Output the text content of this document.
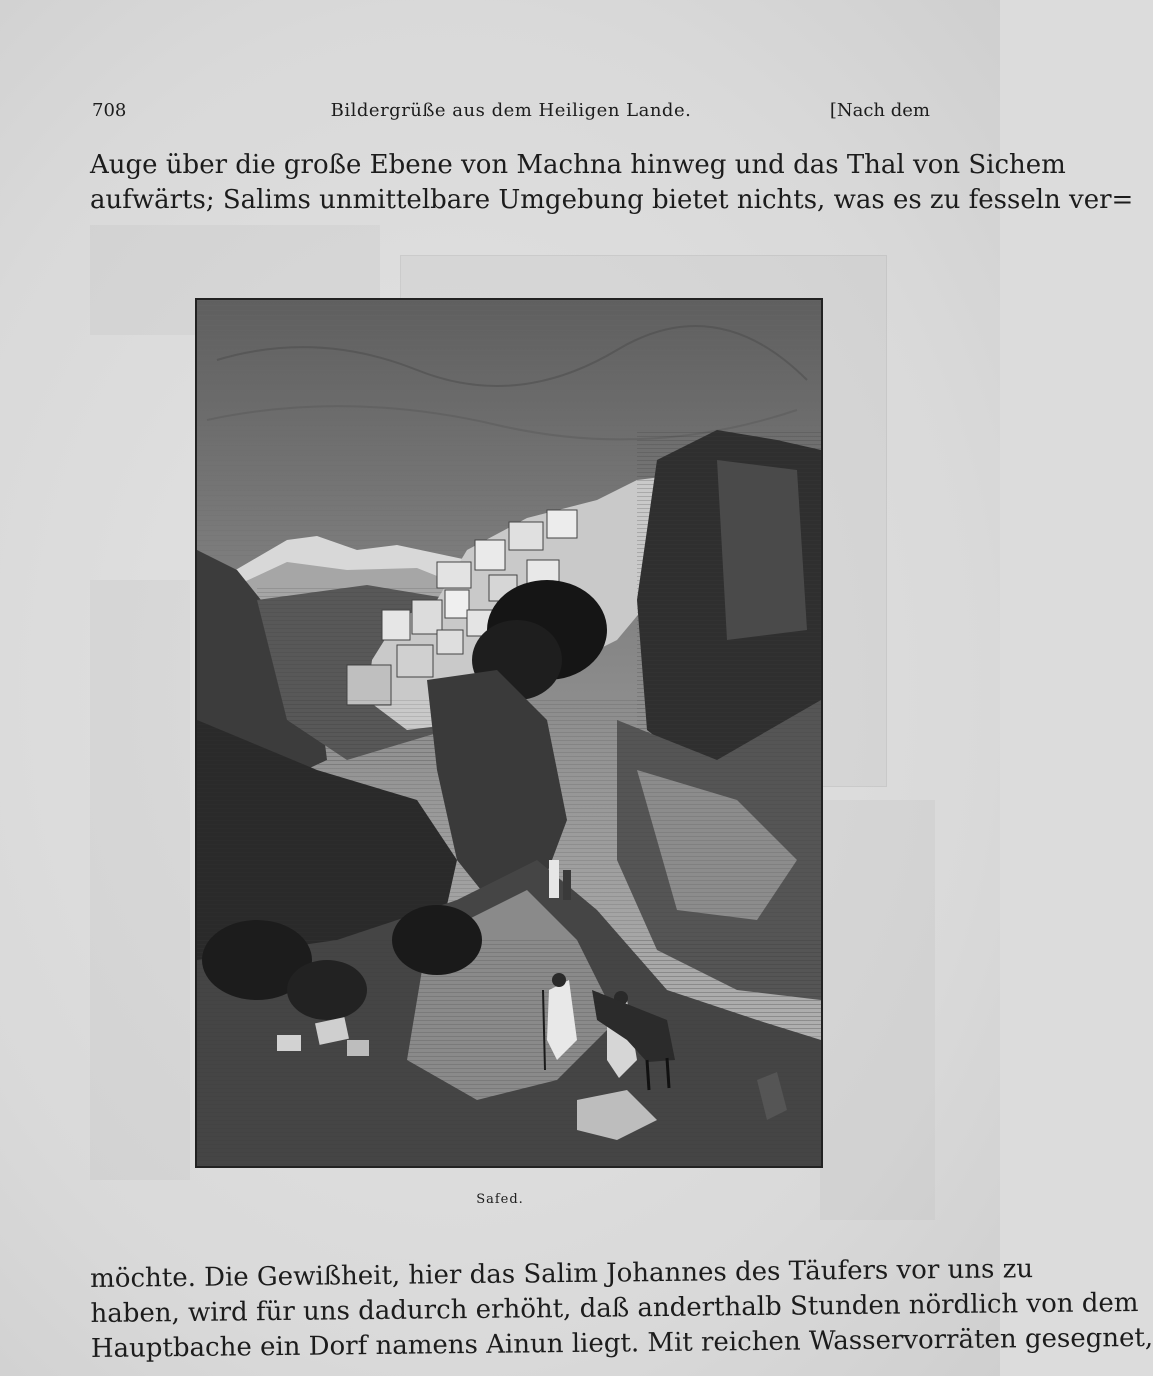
708	Bildergrüße aus dem Heiligen Lande.	[Nach dem
Auge über die große Ebene von Machna hinweg und das Thal von Sichem
aufwärts; Salims unmittelbare Umgebung bietet nichts, was es zu fesseln ver=
Safed.
möchte. Die Gewißheit, hier das Salim Johannes des Täufers vor uns zu
haben, wird für uns dadurch erhöht, daß anderthalb Stunden nördlich von dem
Hauptbache ein Dorf namens Ainun liegt. Mit reichen Wasservorräten gesegnet,
